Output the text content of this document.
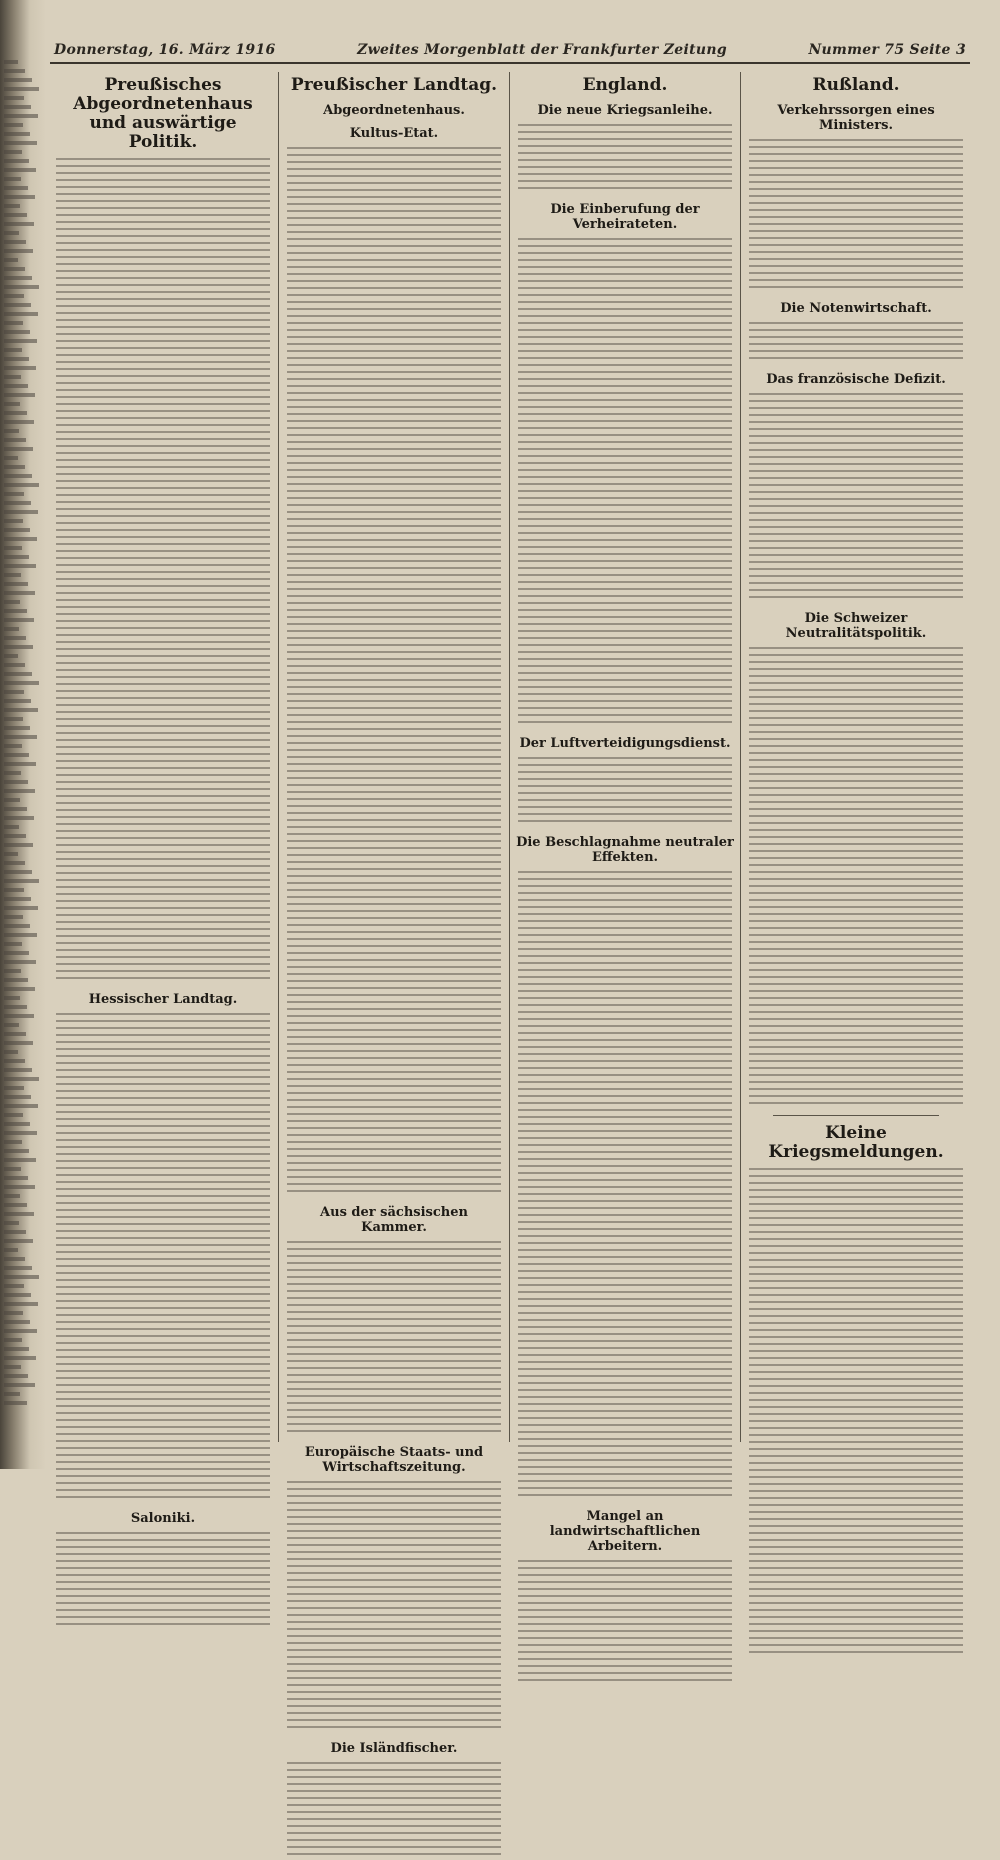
Donnerstag, 16. März 1916	Zweites Morgenblatt der Frankfurter Zeitung	Nummer 75 Seite 3
Preußisches Abgeordnetenhaus und auswärtige Politik.
Hessischer Landtag.
Saloniki.
Preußischer Landtag.
Abgeordnetenhaus.
Kultus-Etat.
Aus der sächsischen Kammer.
Europäische Staats- und Wirtschaftszeitung.
Die Isländfischer.
England.
Die neue Kriegsanleihe.
Die Einberufung der Verheirateten.
Der Luftverteidigungsdienst.
Die Beschlagnahme neutraler Effekten.
Mangel an landwirtschaftlichen Arbeitern.
Rußland.
Verkehrssorgen eines Ministers.
Die Notenwirtschaft.
Das französische Defizit.
Die Schweizer Neutralitätspolitik.
Kleine Kriegsmeldungen.
